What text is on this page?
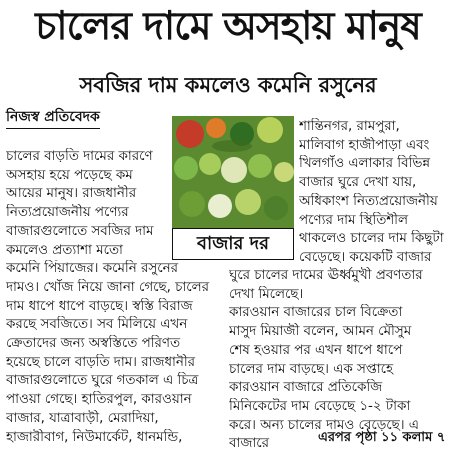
চালের দামে অসহায় মানুষ
সবজির দাম কমলেও কমেনি রসুনের
নিজস্ব প্রতিবেদক
চালের বাড়তি দামের কারণে
অসহায় হয়ে পড়েছে কম
আয়ের মানুষ। রাজধানীর
নিত্যপ্রয়োজনীয় পণ্যের
বাজারগুলোতে সবজির দাম
কমলেও প্রত্যাশা মতো
কমেনি পিঁয়াজের। কমেনি রসুনের
দামও। খোঁজ নিয়ে জানা গেছে, চালের
দাম ধাপে ধাপে বাড়ছে। স্বস্তি বিরাজ
করছে সবজিতে। সব মিলিয়ে এখন
ক্রেতাদের জন্য অস্বস্তিতে পরিণত
হয়েছে চালে বাড়তি দাম। রাজধানীর
বাজারগুলোতে ঘুরে গতকাল এ চিত্র
পাওয়া গেছে। হাতিরপুল, কারওয়ান
বাজার, যাত্রাবাড়ী, মেরাদিয়া,
হাজারীবাগ, নিউমার্কেট, ধানমন্ডি,
বাজার দর
শান্তিনগর, রামপুরা,
মালিবাগ হাজীপাড়া এবং
খিলগাঁও এলাকার বিভিন্ন
বাজার ঘুরে দেখা যায়,
অধিকাংশ নিত্যপ্রয়োজনীয়
পণ্যের দাম স্থিতিশীল
থাকলেও চালের দাম কিছুটা
বেড়েছে। কয়েকটি বাজার
ঘুরে চালের দামের ঊর্ধ্বমুখী প্রবণতার
দেখা মিলেছে।
কারওয়ান বাজারের চাল বিক্রেতা
মাসুদ মিয়াজী বলেন, আমন মৌসুম
শেষ হওয়ার পর এখন ধাপে ধাপে
চালের দাম বাড়ছে। এক সপ্তাহে
কারওয়ান বাজারে প্রতিকেজি
মিনিকেটের দাম বেড়েছে ১-২ টাকা
করে। অন্য চালের দামও বেড়েছে। এ
বাজারে	এরপর পৃষ্ঠা ১১ কলাম ৭
